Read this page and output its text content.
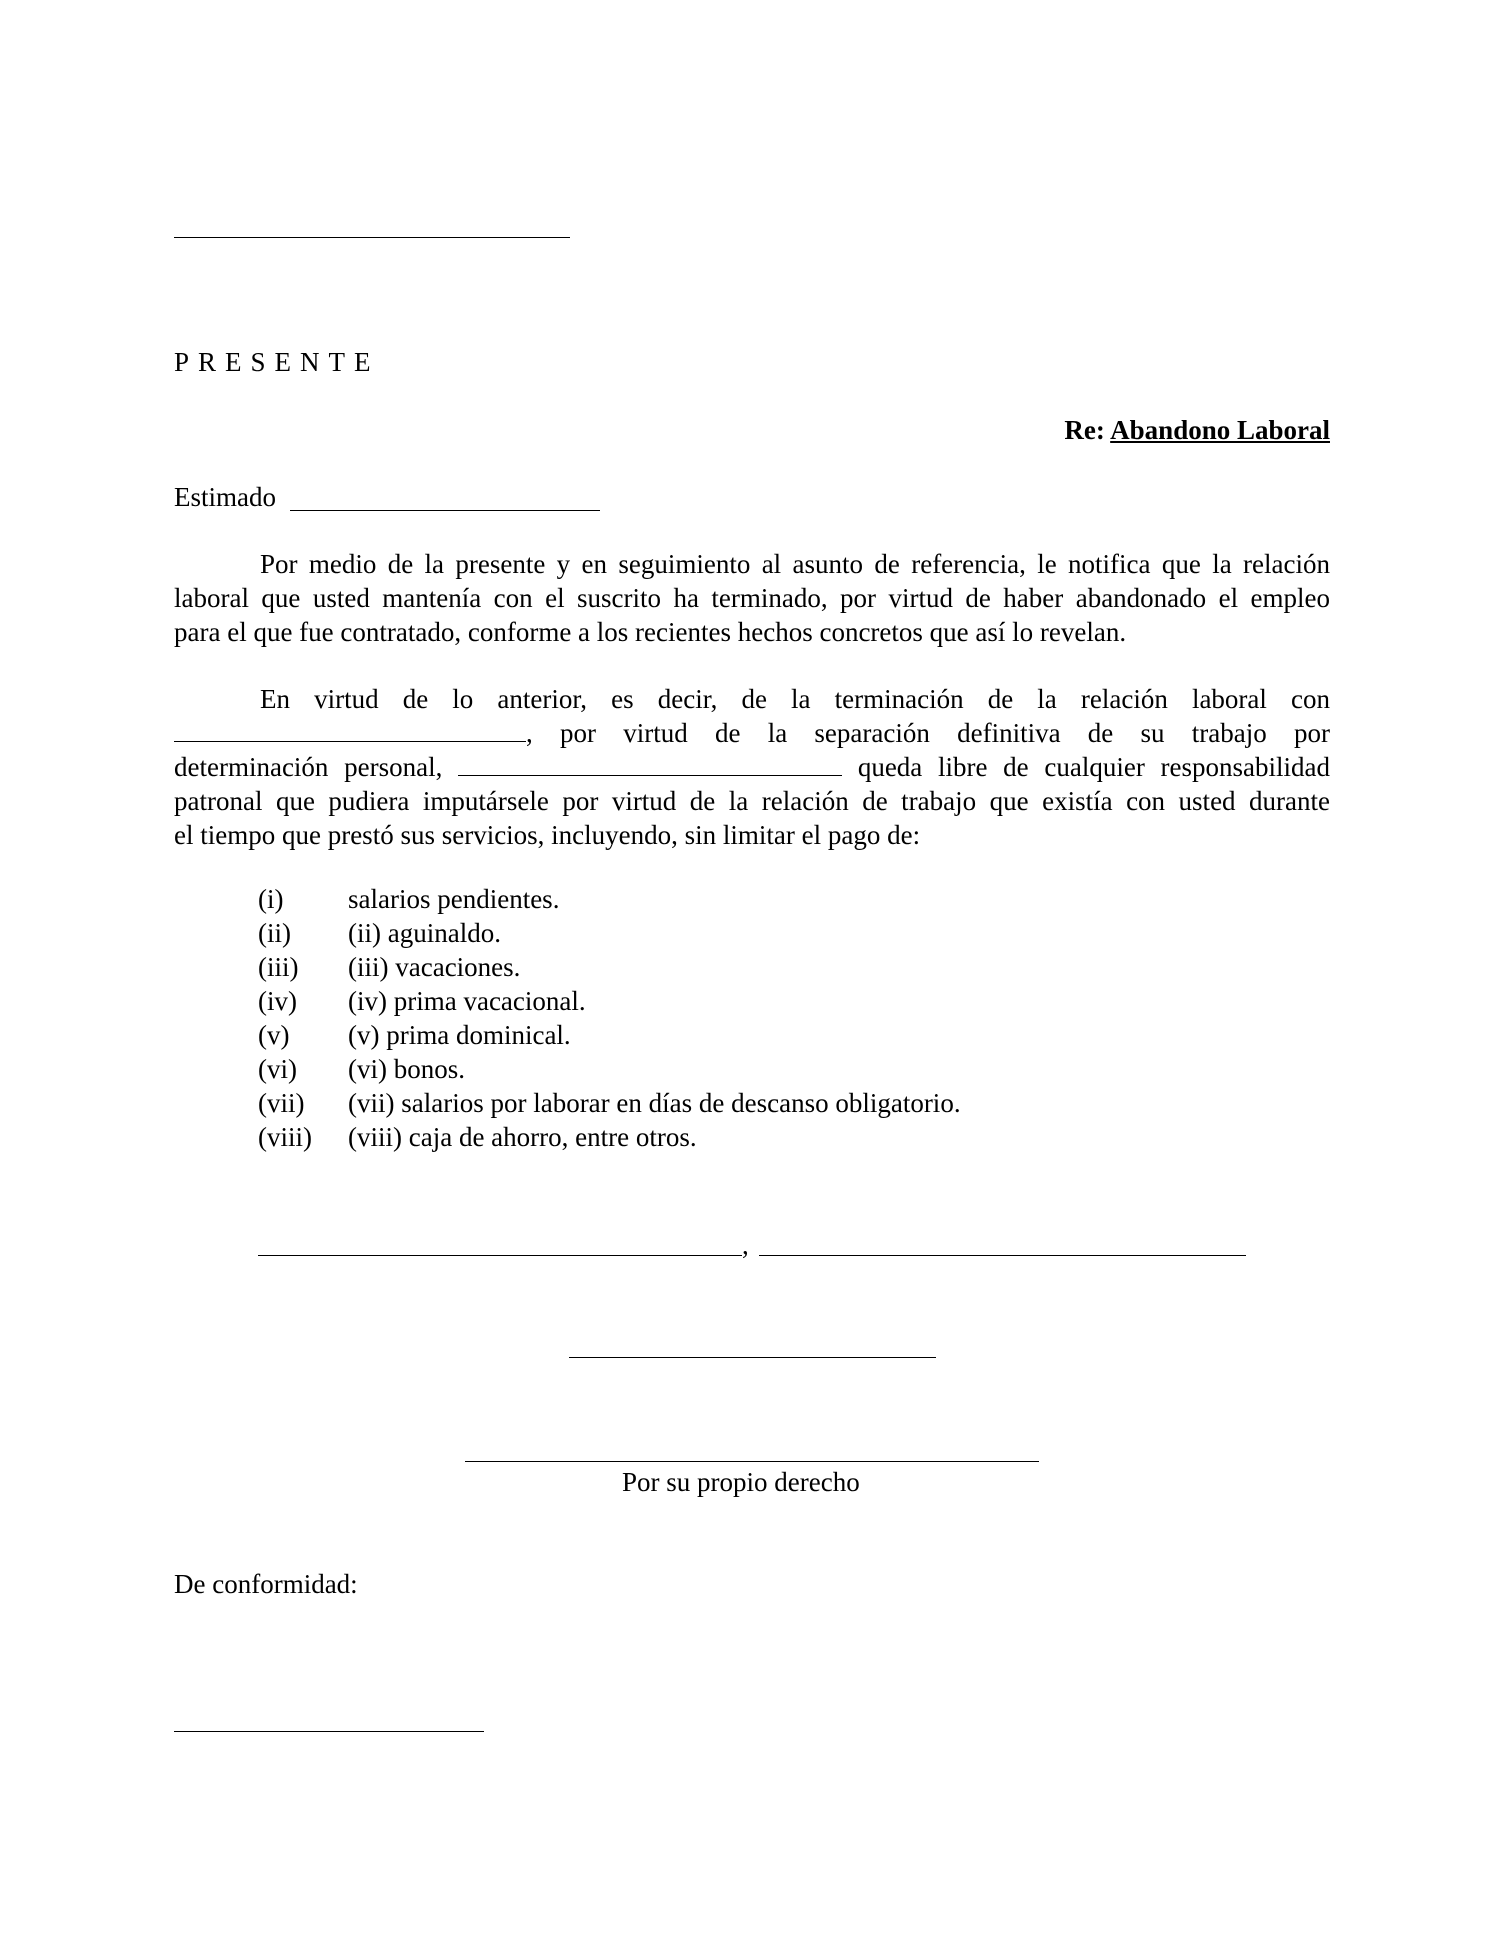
PRESENTE
Re: Abandono Laboral
Estimado
Por medio de la presente y en seguimiento al asunto de referencia, le notifica que la relación
laboral que usted mantenía con el suscrito ha terminado, por virtud de haber abandonado el empleo
para el que fue contratado, conforme a los recientes hechos concretos que así lo revelan.
En virtud de lo anterior, es decir, de la terminación de la relación laboral con
, por virtud de la separación definitiva de su trabajo por
determinación personal,	queda libre de cualquier responsabilidad
patronal que pudiera imputársele por virtud de la relación de trabajo que existía con usted durante
el tiempo que prestó sus servicios, incluyendo, sin limitar el pago de:
(i)	salarios pendientes.
(ii)	(ii) aguinaldo.
(iii)	(iii) vacaciones.
(iv)	(iv) prima vacacional.
(v)	(v) prima dominical.
(vi)	(vi) bonos.
(vii)	(vii) salarios por laborar en días de descanso obligatorio.
(viii)	(viii) caja de ahorro, entre otros.
,
Por su propio derecho
De conformidad:
